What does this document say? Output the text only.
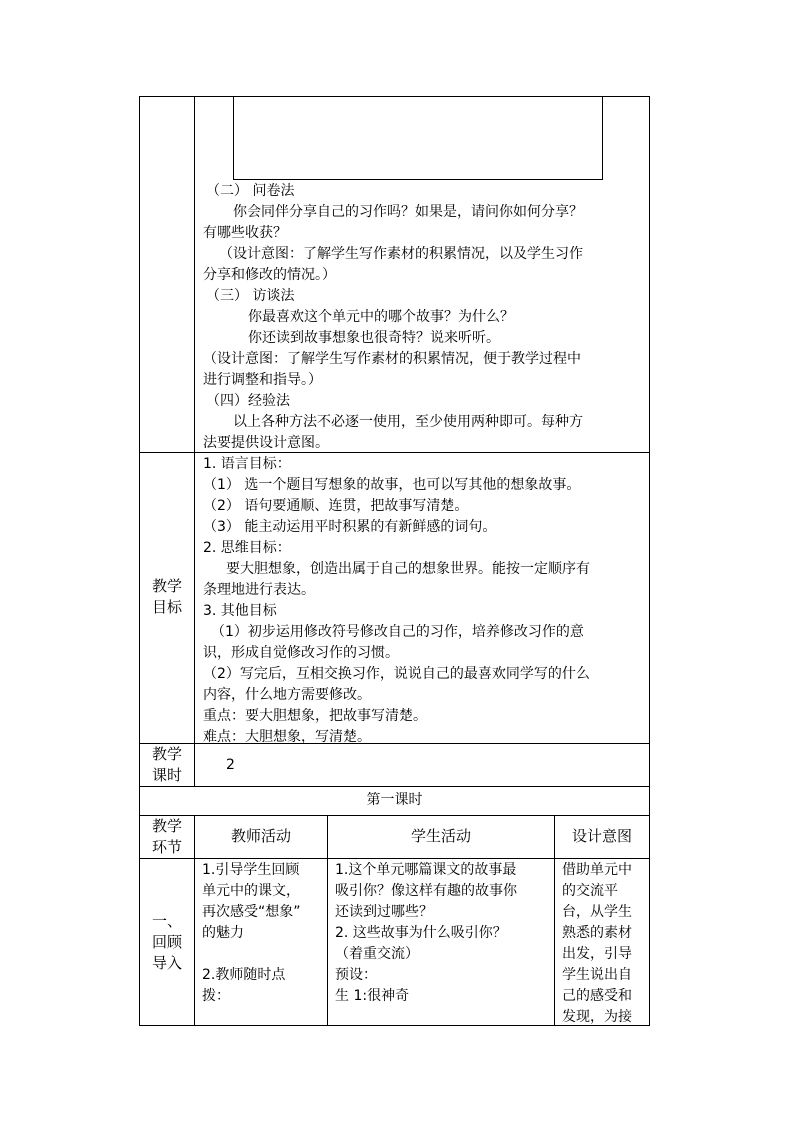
（二） 问卷法
你会同伴分享自己的习作吗？如果是，请问你如何分享？
有哪些收获？
（设计意图：了解学生写作素材的积累情况，以及学生习作
分享和修改的情况。）
（三） 访谈法
你最喜欢这个单元中的哪个故事？为什么？
你还读到故事想象也很奇特？说来听听。
（设计意图：了解学生写作素材的积累情况，便于教学过程中
进行调整和指导。）
（四）经验法
以上各种方法不必逐一使用，至少使用两种即可。每种方
法要提供设计意图。
教学
目标
1. 语言目标：
（1） 选一个题目写想象的故事，也可以写其他的想象故事。
（2） 语句要通顺、连贯，把故事写清楚。
（3） 能主动运用平时积累的有新鲜感的词句。
2. 思维目标：
要大胆想象，创造出属于自己的想象世界。能按一定顺序有
条理地进行表达。
3. 其他目标
（1）初步运用修改符号修改自己的习作，培养修改习作的意
识，形成自觉修改习作的习惯。
（2）写完后，互相交换习作，说说自己的最喜欢同学写的什么
内容，什么地方需要修改。
重点：要大胆想象，把故事写清楚。
难点：大胆想象，写清楚。
教学
课时
2
第一课时
教学
环节
教师活动	学生活动	设计意图
一、
回顾
导入
1.引导学生回顾
单元中的课文，
再次感受“想象”
的魅力
2.教师随时点
拨：
1.这个单元哪篇课文的故事最
吸引你？像这样有趣的故事你
还读到过哪些？
2. 这些故事为什么吸引你？
（着重交流）
预设：
生 1:很神奇
借助单元中
的交流平
台，从学生
熟悉的素材
出发，引导
学生说出自
己的感受和
发现，为接
